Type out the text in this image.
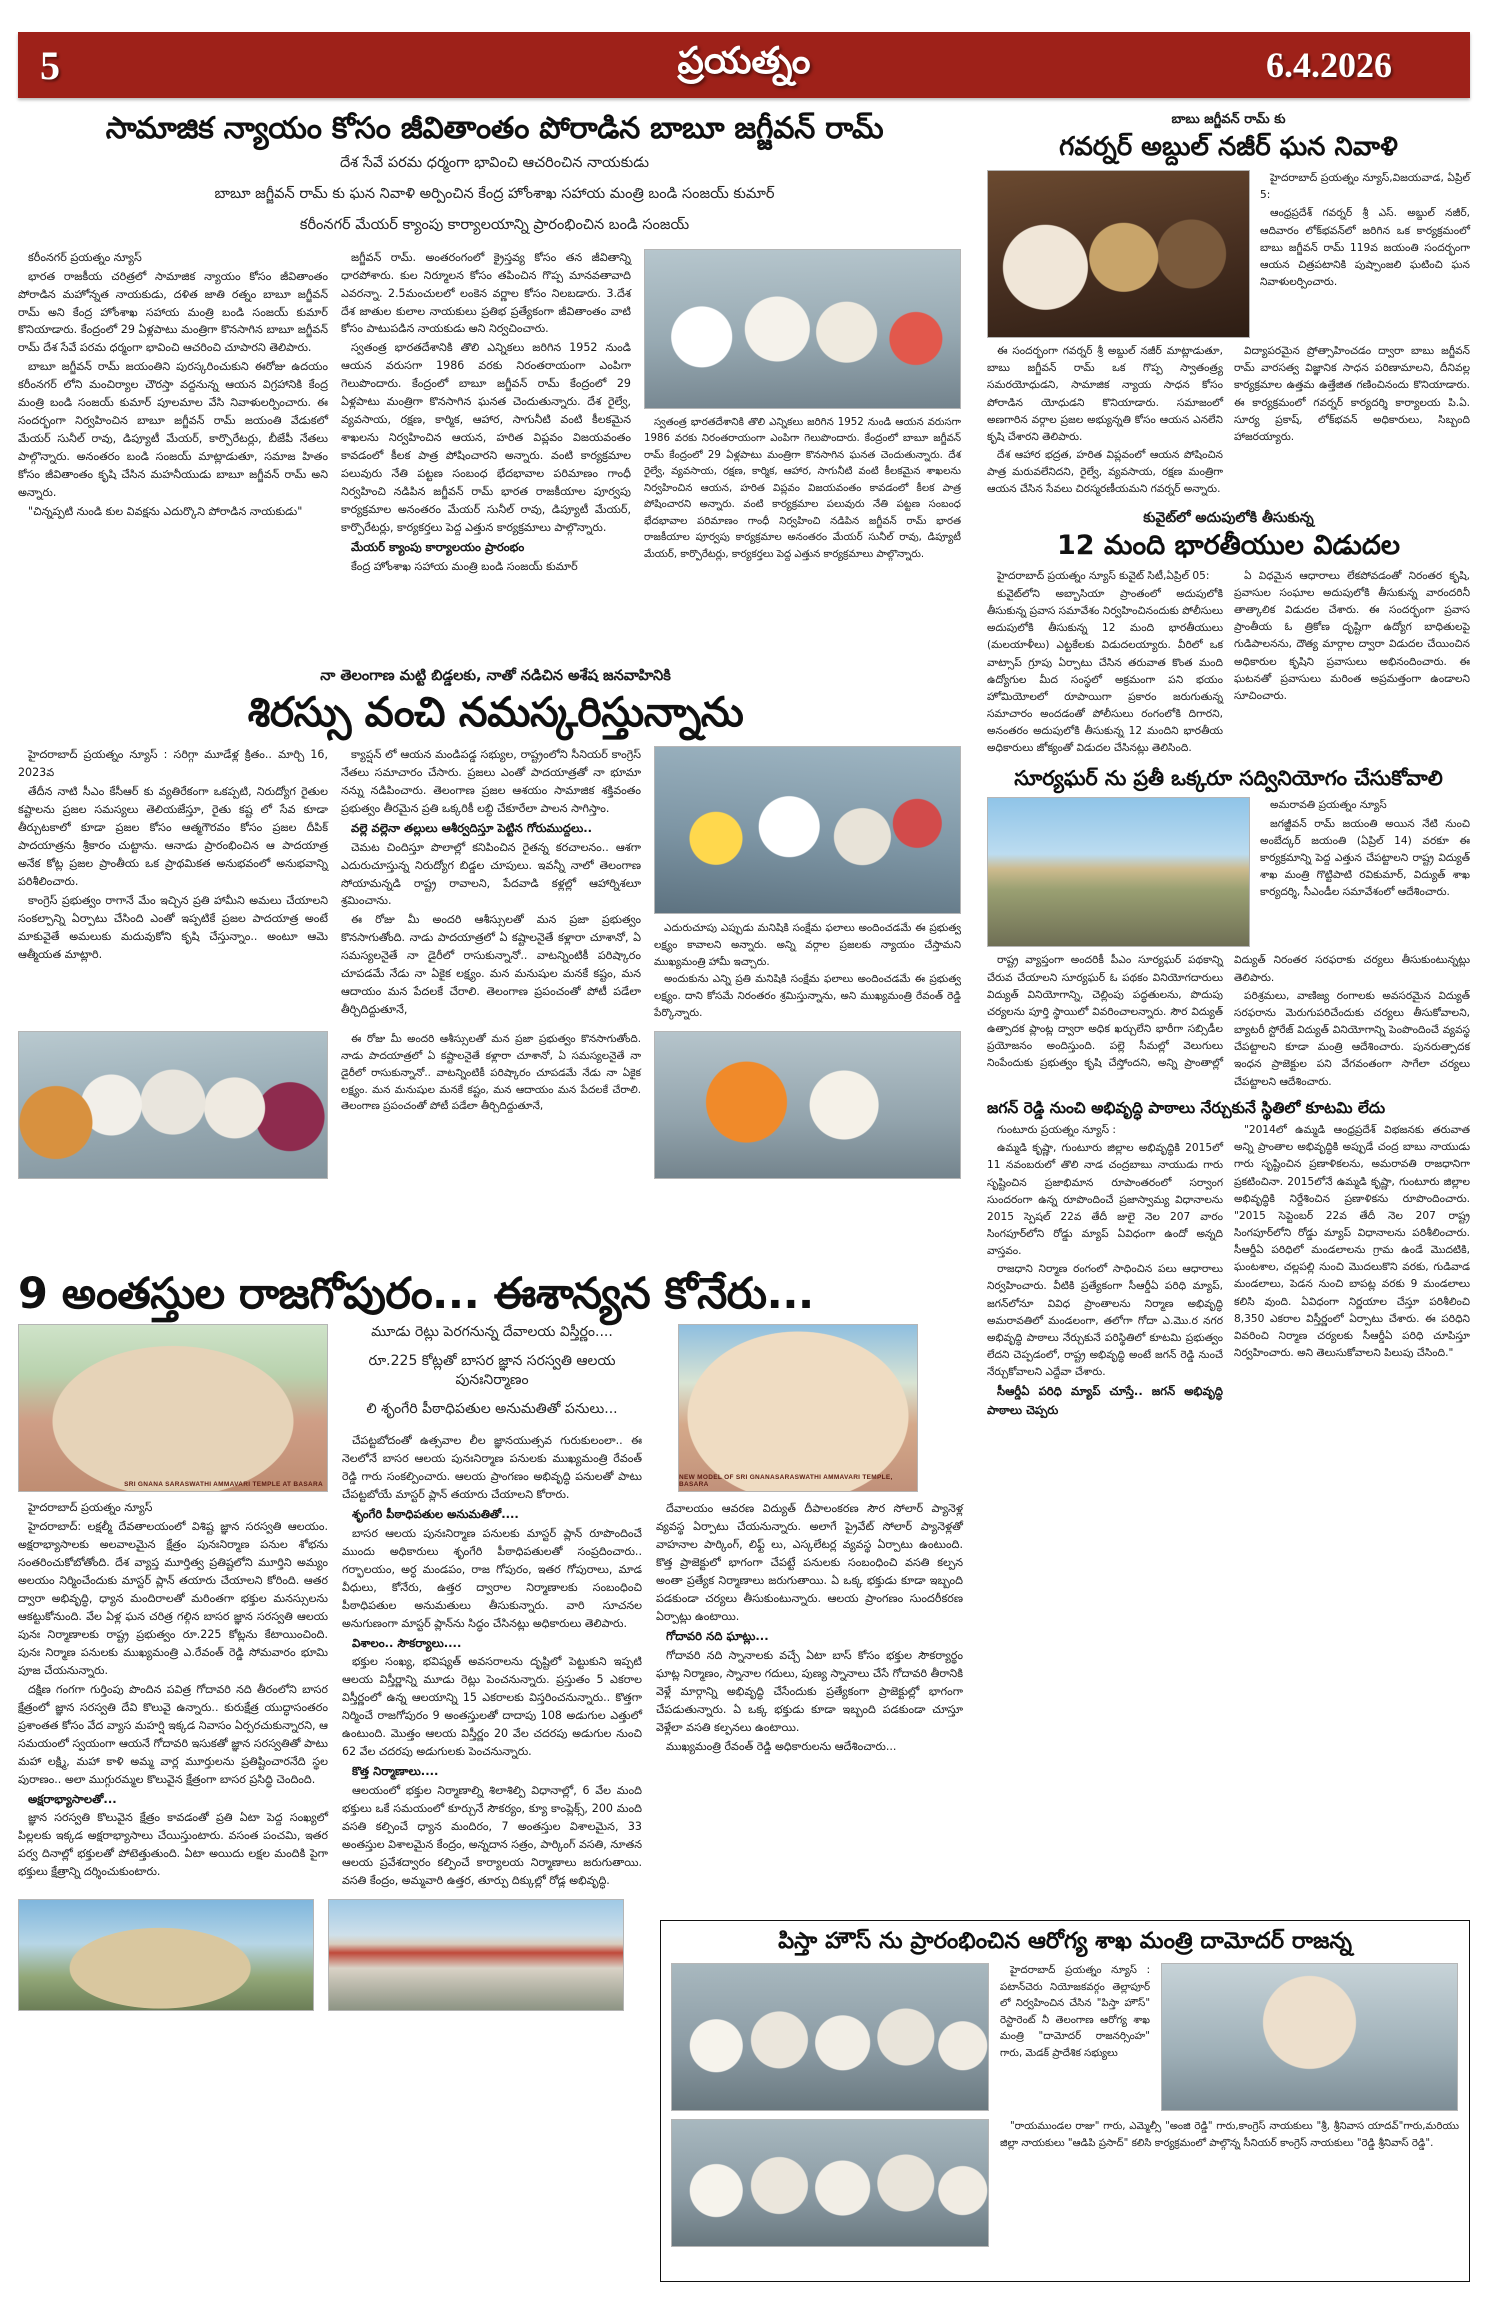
5	ప్రయత్నం	6.4.2026
సామాజిక న్యాయం కోసం జీవితాంతం పోరాడిన బాబూ జగ్జీవన్ రామ్
దేశ సేవే పరమ ధర్మంగా భావించి ఆచరించిన నాయకుడు
బాబూ జగ్జీవన్ రామ్ కు ఘన నివాళి అర్పించిన కేంద్ర హోంశాఖ సహాయ మంత్రి బండి సంజయ్ కుమార్
కరీంనగర్ మేయర్ క్యాంపు కార్యాలయాన్ని ప్రారంభించిన బండి సంజయ్

కరీంనగర్ ప్రయత్నం న్యూస్

భారత రాజకీయ చరిత్రలో సామాజిక న్యాయం కోసం జీవితాంతం పోరాడిన మహోన్నత నాయకుడు, దళిత జాతి రత్నం బాబూ జగ్జీవన్ రామ్ అని కేంద్ర హోంశాఖ సహాయ మంత్రి బండి సంజయ్ కుమార్ కొనియాడారు. కేంద్రంలో 29 ఏళ్లపాటు మంత్రిగా కొనసాగిన బాబూ జగ్జీవన్ రామ్ దేశ సేవే పరమ ధర్మంగా భావించి ఆచరించి చూపారని తెలిపారు.

బాబూ జగ్జీవన్ రామ్ జయంతిని పురస్కరించుకుని ఈరోజు ఉదయం కరీంనగర్ లోని మంచిర్యాల చౌరస్తా వద్దనున్న ఆయన విగ్రహానికి కేంద్ర మంత్రి బండి సంజయ్ కుమార్ పూలమాల వేసి నివాళులర్పించారు. ఈ సందర్భంగా నిర్వహించిన బాబూ జగ్జీవన్ రామ్ జయంతి వేడుకలో మేయర్ సునీల్ రావు, డిప్యూటీ మేయర్, కార్పొరేటర్లు, బీజేపీ నేతలు పాల్గొన్నారు. అనంతరం బండి సంజయ్ మాట్లాడుతూ, సమాజ హితం కోసం జీవితాంతం కృషి చేసిన మహనీయుడు బాబూ జగ్జీవన్ రామ్ అని అన్నారు.

"చిన్నప్పటి నుండి కుల వివక్షను ఎదుర్కొని పోరాడిన నాయకుడు"

జగ్జీవన్ రామ్. అంతరంగంలో క్రైస్తవ్య కోసం తన జీవితాన్ని ధారపోశారు. కుల నిర్మూలన కోసం తపించిన గొప్ప మానవతావాది ఎవరన్నా. 2.5మంచులలో లంకెన వర్ణాల కోసం నిలబడారు. 3.దేశ దేశ జాతుల కులాల నాయకులు ప్రతిభ ప్రత్యేకంగా జీవితాంతం వాటి కోసం పాటుపడిన నాయకుడు అని నిర్వచించారు.

స్వతంత్ర భారతదేశానికి తొలి ఎన్నికలు జరిగిన 1952 నుండి ఆయన వరుసగా 1986 వరకు నిరంతరాయంగా ఎంపిగా గెలుపొందారు. కేంద్రంలో బాబూ జగ్జీవన్ రామ్ కేంద్రంలో 29 ఏళ్లపాటు మంత్రిగా కొనసాగిన ఘనత చెందుతున్నారు. దేశ రైల్వే, వ్యవసాయ, రక్షణ, కార్మిక, ఆహార, సాగునీటి వంటి కీలకమైన శాఖలను నిర్వహించిన ఆయన, హరిత విప్లవం విజయవంతం కావడంలో కీలక పాత్ర పోషించారని అన్నారు. వంటి కార్యక్రమాల పలువురు నేతి పట్టణ సంబంధ భేదభావాల పరిమాణం గాంధీ నిర్వహించి నడిపిన జగ్జీవన్ రామ్ భారత రాజకీయాల పూర్వపు కార్యక్రమాల అనంతరం మేయర్ సునీల్ రావు, డిప్యూటీ మేయర్, కార్పొరేటర్లు, కార్యకర్తలు పెద్ద ఎత్తున కార్యక్రమాలు పాల్గొన్నారు.

మేయర్ క్యాంపు కార్యాలయం ప్రారంభం

కేంద్ర హోంశాఖ సహాయ మంత్రి బండి సంజయ్ కుమార్

స్వతంత్ర భారతదేశానికి తొలి ఎన్నికలు జరిగిన 1952 నుండి ఆయన వరుసగా 1986 వరకు నిరంతరాయంగా ఎంపిగా గెలుపొందారు. కేంద్రంలో బాబూ జగ్జీవన్ రామ్ కేంద్రంలో 29 ఏళ్లపాటు మంత్రిగా కొనసాగిన ఘనత చెందుతున్నారు. దేశ రైల్వే, వ్యవసాయ, రక్షణ, కార్మిక, ఆహార, సాగునీటి వంటి కీలకమైన శాఖలను నిర్వహించిన ఆయన, హరిత విప్లవం విజయవంతం కావడంలో కీలక పాత్ర పోషించారని అన్నారు. వంటి కార్యక్రమాల పలువురు నేతి పట్టణ సంబంధ భేదభావాల పరిమాణం గాంధీ నిర్వహించి నడిపిన జగ్జీవన్ రామ్ భారత రాజకీయాల పూర్వపు కార్యక్రమాల అనంతరం మేయర్ సునీల్ రావు, డిప్యూటీ మేయర్, కార్పొరేటర్లు, కార్యకర్తలు పెద్ద ఎత్తున కార్యక్రమాలు పాల్గొన్నారు.

బాబు జగ్జీవన్ రామ్ కు
గవర్నర్ అబ్దుల్ నజీర్ ఘన నివాళి

హైదరాబాద్ ప్రయత్నం న్యూస్,విజయవాడ, ఏప్రిల్ 5:

ఆంధ్రప్రదేశ్ గవర్నర్ శ్రీ ఎస్. అబ్దుల్ నజీర్, ఆదివారం లోక్‌భవన్‌లో జరిగిన ఒక కార్యక్రమంలో బాబు జగ్జీవన్ రామ్ 119వ జయంతి సందర్భంగా ఆయన చిత్రపటానికి పుష్పాంజలి ఘటించి ఘన నివాళులర్పించారు.

ఈ సందర్భంగా గవర్నర్ శ్రీ అబ్దుల్ నజీర్ మాట్లాడుతూ, బాబు జగ్జీవన్ రామ్ ఒక గొప్ప స్వాతంత్ర్య సమరయోధుడని, సామాజిక న్యాయ సాధన కోసం పోరాడిన యోధుడని కొనియాడారు. సమాజంలో అణగారిన వర్గాల ప్రజల అభ్యున్నతి కోసం ఆయన ఎనలేని కృషి చేశారని తెలిపారు.

దేశ ఆహార భద్రత, హరిత విప్లవంలో ఆయన పోషించిన పాత్ర మరువలేనిదని, రైల్వే, వ్యవసాయ, రక్షణ మంత్రిగా ఆయన చేసిన సేవలు చిరస్మరణీయమని గవర్నర్ అన్నారు.

విద్యాపరమైన ప్రోత్సాహించడం ద్వారా బాబు జగ్జీవన్ రామ్ వారసత్వ విజ్ఞానిక సాధన పరిణామాలని, దీనివల్ల కార్యక్రమాల ఉత్తమ ఉత్తేజిత గణించినందు కొనియాడారు. ఈ కార్యక్రమంలో గవర్నర్ కార్యదర్శి కార్యాలయ పి.ఏ. సూర్య ప్రకాష్, లోక్‌భవన్ అధికారులు, సిబ్బంది హాజరయ్యారు.

కువైట్‌లో అదుపులోకి తీసుకున్న
12 మంది భారతీయుల విడుదల

హైదరాబాద్ ప్రయత్నం న్యూస్ కువైట్ సిటీ,ఏప్రిల్ 05:

కువైట్‌లోని అబ్బాసియా ప్రాంతంలో అదుపులోకి తీసుకున్న ప్రవాస సమావేశం నిర్వహించినందుకు పోలీసులు అదుపులోకి తీసుకున్న 12 మంది భారతీయులు (మలయాళీలు) ఎట్టకేలకు విడుదలయ్యారు. వీరిలో ఒక వాట్సాప్ గ్రూపు ఏర్పాటు చేసిన తరువాత కొంత మంది ఉద్యోగుల మీద సంస్థలో అక్రమంగా పని భయం హోమియోలలో రూపాయిగా ప్రకారం జరుగుతున్న సమాచారం అందడంతో పోలీసులు రంగంలోకి దిగారని, అనంతరం అదుపులోకి తీసుకున్న 12 మందిని భారతీయ అధికారులు జోక్యంతో విడుదల చేసినట్లు తెలిసింది.

ఏ విధమైన ఆధారాలు లేకపోవడంతో నిరంతర కృషి, ప్రవాసుల సంఘాల అదుపులోకి తీసుకున్న వారందరినీ తాత్కాలిక విడుదల చేశారు. ఈ సందర్భంగా ప్రవాస ప్రాంతీయ ఓ త్రికోణ దృష్టిగా ఉద్యోగ బాధితులపై గుడిపాలనను, దౌత్య మార్గాల ద్వారా విడుదల చేయించిన అధికారుల కృషిని ప్రవాసులు అభినందించారు. ఈ ఘటనతో ప్రవాసులు మరింత అప్రమత్తంగా ఉండాలని సూచించారు.

సూర్యఘర్ ను ప్రతీ ఒక్కరూ సద్వినియోగం చేసుకోవాలి

అమరావతి ప్రయత్నం న్యూస్

జగజ్జీవన్ రామ్ జయంతి అయిన నేటి నుంచి అంబేద్కర్ జయంతి (ఏప్రిల్ 14) వరకూ ఈ కార్యక్రమాన్ని పెద్ద ఎత్తున చేపట్టాలని రాష్ట్ర విద్యుత్ శాఖ మంత్రి గొట్టిపాటి రవికుమార్, విద్యుత్ శాఖ కార్యదర్శి, సీఎండీల సమావేశంలో ఆదేశించారు.

రాష్ట్ర వ్యాప్తంగా అందరికీ పీఎం సూర్యఘర్ పథకాన్ని చేరువ చేయాలని సూర్యఘర్ ఓ పథకం వినియోగదారులు విద్యుత్ వినియోగాన్ని, చెల్లింపు పద్ధతులను, పొదుపు చర్యలను పూర్తి స్థాయిలో వివరించాలన్నారు. సౌర విద్యుత్ ఉత్పాదక ప్లాంట్ల ద్వారా అధిక ఖర్చులేని భారీగా సబ్సిడీల ప్రయోజనం అందిస్తుంది. పల్లె సీమల్లో వెలుగులు నింపేందుకు ప్రభుత్వం కృషి చేస్తోందని, అన్ని ప్రాంతాల్లో విద్యుత్ నిరంతర సరఫరాకు చర్యలు తీసుకుంటున్నట్లు తెలిపారు.

పరిశ్రమలు, వాణిజ్య రంగాలకు అవసరమైన విద్యుత్ సరఫరాను మెరుగుపరిచేందుకు చర్యలు తీసుకోవాలని, బ్యాటరీ స్టోరేజ్ విద్యుత్ వినియోగాన్ని పెంపొందించే వ్యవస్థ చేపట్టాలని కూడా మంత్రి ఆదేశించారు. పునరుత్పాదక ఇంధన ప్రాజెక్టుల పని వేగవంతంగా సాగేలా చర్యలు చేపట్టాలని ఆదేశించారు.

జగన్ రెడ్డి నుంచి అభివృద్ధి పాఠాలు నేర్చుకునే స్థితిలో కూటమి లేదు

గుంటూరు ప్రయత్నం న్యూస్ :

ఉమ్మడి కృష్ణా, గుంటూరు జిల్లాల అభివృద్ధికి 2015లో 11 నవంబరులో తొలి నాడ చంద్రబాబు నాయుడు గారు సృష్టించిన ప్రజాభిమాన రూపాంతరంలో సర్వాంగ సుందరంగా ఉన్న రూపొందించే ప్రజాస్వామ్య విధానాలను 2015 స్పెషల్ 22వ తేదీ జులై నెల 207 వారం సింగపూర్‌లోని రోడ్డు మ్యాప్ ఏవిధంగా ఉందో అన్నది వాస్తవం.

రాజధాని నిర్మాణ రంగంలో సాధించిన పలు ఆధారాలు నిర్వహించారు. వీటికి ప్రత్యేకంగా సీఆర్డీఏ పరిధి మ్యాప్, జగన్‌లోనూ వివిధ ప్రాంతాలను నిర్మాణ అభివృద్ధి అమరావతిలో మండలంగా, తలోగా గోదా ఎ.మొ.ర నగర అభివృద్ధి పాఠాలు నేర్చుకునే పరిస్థితిలో కూటమి ప్రభుత్వం లేదని చెప్పడంలో, రాష్ట్ర అభివృద్ధి అంటే జగన్ రెడ్డి నుంచే నేర్చుకోవాలని ఎద్దేవా చేశారు.

సీఆర్డీఏ పరిధి మ్యాప్ చూస్తే.. జగన్ అభివృద్ధి పాఠాలు చెప్పరు

"2014లో ఉమ్మడి ఆంధ్రప్రదేశ్ విభజనకు తరువాత అన్ని ప్రాంతాల అభివృద్ధికి అప్పుడే చంద్ర బాబు నాయుడు గారు సృష్టించిన ప్రణాళికలను, అమరావతి రాజధానిగా ప్రకటించినా. 2015లోనే ఉమ్మడి కృష్ణా, గుంటూరు జిల్లాల అభివృద్ధికి నిర్దేశించిన ప్రణాళికను రూపొందించారు. "2015 సెప్టెంబర్ 22వ తేదీ నెల 207 రాష్ట్ర సింగపూర్‌లోని రోడ్డు మ్యాప్ విధానాలను పరిశీలించారు. సీఆర్డీఏ పరిధిలో మండలాలను గ్రామ ఉండే మొదటికి, ఘంటశాల, చల్లపల్లి నుంచి మొదలుకొని వరకు, గుడివాడ మండలాలు, పెడన నుంచి బాపట్ల వరకు 9 మండలాలు కలిసి వుంది. ఏవిధంగా నిర్ణయాల చేస్తూ పరిశీలించి 8,350 ఎకరాల విస్తీర్ణంలో ఏర్పాటు చేశారు. ఈ పరిధిని వివరించి నిర్మాణ చర్యలకు సీఆర్డీఏ పరిధి చూపిస్తూ నిర్వహించారు. అని తెలుసుకోవాలని పిలుపు చేసింది."

నా తెలంగాణ మట్టి బిడ్డలకు, నాతో నడిచిన అశేష జనవాహినికి
శిరస్సు వంచి నమస్కరిస్తున్నాను

హైదరాబాద్ ప్రయత్నం న్యూస్ : సరిగ్గా మూడేళ్ల క్రితం.. మార్చి 16, 2023వ

తేదీన నాటి సీఎం కేసీఆర్ కు వ్యతిరేకంగా ఒకప్పటి, నిరుద్యోగ రైతుల కష్టాలను ప్రజల సమస్యలు తెలియజేస్తూ, రైతు కష్ట లో సేవ కూడా తీర్చుటకాలో కూడా ప్రజల కోసం ఆత్మగౌరవం కోసం ప్రజల దీపిక్ పాదయాత్రను శ్రీకారం చుట్టాను. ఆనాడు ప్రారంభించిన ఆ పాదయాత్ర అనేక కోట్ల ప్రజల ప్రాంతీయ ఒక ప్రాథమికత అనుభవంలో అనుభవాన్ని పరిశీలించారు.

కాంగ్రెస్ ప్రభుత్వం రాగానే మేం ఇచ్చిన ప్రతి హామీని అమలు చేయాలని సంకల్పాన్ని ఏర్పాటు చేసింది ఎంతో ఇప్పటికే ప్రజల పాదయాత్ర అంటే మాకువైతే అమలుకు మదువుకోని కృషి చేస్తున్నాం.. అంటూ ఆమె ఆత్మీయత మాట్లారి.

క్యాప్షన్ లో ఆయన మండిపడ్డ సభ్యుల, రాష్ట్రంలోని సీనియర్ కాంగ్రెస్ నేతలు సమాచారం చేసారు. ప్రజలు ఎంతో పాదయాత్రతో నా భూమా నన్ను నడిపించారు. తెలంగాణ ప్రజల ఆశయం సామాజిక శక్తివంతం ప్రభుత్వం తీరమైన ప్రతి ఒక్కరికీ లబ్ధి చేకూరేలా పాలన సాగిస్తాం.

వల్లె వల్లెనా తల్లులు ఆశీర్వదిస్తూ పెట్టిన గోరుముద్దలు..

చెమట చిందిస్తూ పొలాల్లో కనిపించిన రైతన్న కరచాలనం.. ఆశగా ఎదురుచూస్తున్న నిరుద్యోగ బిడ్డల చూపులు. ఇవన్నీ నాలో తెలంగాణ సోయామన్నడి రాష్ట్ర రావాలని, పేదవాడి కళ్లల్లో ఆహార్నిశలూ శ్రమించాను.

ఈ రోజు మీ అందరి ఆశీస్సులతో మన ప్రజా ప్రభుత్వం కొనసాగుతోంది. నాడు పాదయాత్రలో ఏ కష్టాలనైతే కళ్లారా చూశానో, ఏ సమస్యలనైతే నా డైరీలో రాసుకున్నానో.. వాటన్నింటికీ పరిష్కారం చూపడమే నేడు నా ఏకైక లక్ష్యం. మన మనుషుల మనకే కష్టం, మన ఆదాయం మన పేదలకే చేరాలి. తెలంగాణ ప్రపంచంతో పోటీ పడేలా తీర్చిదిద్దుతూనే,

ఎదురుచూపు ఎప్పుడు మనిషికి సంక్షేమ ఫలాలు అందించడమే ఈ ప్రభుత్వ లక్ష్యం కావాలని అన్నారు. అన్ని వర్గాల ప్రజలకు న్యాయం చేస్తామని ముఖ్యమంత్రి హామీ ఇచ్చారు.

అందుకును ఎన్ని ప్రతి మనిషికి సంక్షేమ ఫలాలు అందించడమే ఈ ప్రభుత్వ లక్ష్యం. దాని కోసమే నిరంతరం శ్రమిస్తున్నాను, అని ముఖ్యమంత్రి రేవంత్ రెడ్డి పేర్కొన్నారు.

ఈ రోజు మీ అందరి ఆశీస్సులతో మన ప్రజా ప్రభుత్వం కొనసాగుతోంది. నాడు పాదయాత్రలో ఏ కష్టాలనైతే కళ్లారా చూశానో, ఏ సమస్యలనైతే నా డైరీలో రాసుకున్నానో.. వాటన్నింటికీ పరిష్కారం చూపడమే నేడు నా ఏకైక లక్ష్యం. మన మనుషుల మనకే కష్టం, మన ఆదాయం మన పేదలకే చేరాలి. తెలంగాణ ప్రపంచంతో పోటీ పడేలా తీర్చిదిద్దుతూనే,

9 అంతస్తుల రాజగోపురం... ఈశాన్యన కోనేరు...
SRI GNANA SARASWATHI AMMAVARI TEMPLE AT BASARA

హైదరాబాద్ ప్రయత్నం న్యూస్

హైదరాబాద్: లక్షల్మీ దేవతాలయంలో విశిష్ట జ్ఞాన సరస్వతి ఆలయం. అక్షరాభ్యాసాలకు అలవాలమైన క్షేత్రం పునఃనిర్మాణ పనుల శోభను సంతరించుకోబోతోంది. దేశ వ్యాప్త మూర్తిత్వ ప్రతిష్టలోని మూర్తిని అమ్యం అలయం నిర్మించేందుకు మాస్టర్ ప్లాన్ తయారు చేయాలని కోరింది. ఆతర ద్వారా అభివృద్ధి, ధ్యాన మందిరాలతో మరింతగా భక్తుల మనస్సులను ఆకట్టుకోనుంది. వేల ఏళ్ల ఘన చరిత్ర గల్గిన బాసర జ్ఞాన సరస్వతి ఆలయ పునః నిర్మాణాలకు రాష్ట్ర ప్రభుత్వం రూ.225 కోట్లను కేటాయించింది. పునః నిర్మాణ పనులకు ముఖ్యమంత్రి ఎ.రేవంత్ రెడ్డి సోమవారం భూమి పూజ చేయనున్నారు.

దక్షిణ గంగగా గుర్తింపు పొందిన పవిత్ర గోదావరి నది తీరంలోని బాసర క్షేత్రంలో జ్ఞాన సరస్వతి దేవి కొలువై ఉన్నారు.. కురుక్షేత్ర యుద్ధాసంతరం ప్రశాంతత కోసం వేద వ్యాస మహర్షి ఇక్కడ నివాసం ఏర్పరచుకున్నారని, ఆ సమయంలో స్వయంగా ఆయనే గోదావరి ఇసుకతో జ్ఞాన సరస్వతితో పాటు మహా లక్ష్మి, మహా కాళి అమ్మ వార్ల మూర్తులను ప్రతిష్టించారనేది స్థల పురాణం.. అలా ముగ్గురమ్మల కొలువైన క్షేత్రంగా బాసర ప్రసిద్ధి చెందింది.

అక్షరాభ్యాసాలతో...

జ్ఞాన సరస్వతి కొలువైన క్షేత్రం కావడంతో ప్రతి ఏటా పెద్ద సంఖ్యలో పిల్లలకు ఇక్కడ అక్షరాభ్యాసాలు చేయిస్తుంటారు. వసంత పంచమి, ఇతర పర్వ దినాల్లో భక్తులతో పోటెత్తుతుంది. ఏటా అయిదు లక్షల మందికి పైగా భక్తులు క్షేత్రాన్ని దర్శించుకుంటారు.

మూడు రెట్లు పెరగనున్న దేవాలయ విస్తీర్ణం....
రూ.225 కోట్లతో బాసర జ్ఞాన సరస్వతి ఆలయ పునఃనిర్మాణం
లి శృంగేరి పీఠాధిపతుల అనుమతితో పనులు...

చేపట్టబోదంతో ఉత్సవాల లీల జ్ఞానయుత్సవ గురుకులంలా.. ఈ నెలలోనే బాసర ఆలయ పునఃనిర్మాణ పనులకు ముఖ్యమంత్రి రేవంత్ రెడ్డి గారు సంకల్పించారు. ఆలయ ప్రాంగణం అభివృద్ధి పనులతో పాటు చేపట్టబోయే మాస్టర్ ప్లాన్ తయారు చేయాలని కోరారు.

శృంగేరి పీఠాధిపతుల అనుమతితో....

బాసర ఆలయ పునఃనిర్మాణ పనులకు మాస్టర్ ప్లాన్ రూపొందించే ముందు అధికారులు శృంగేరి పీఠాధిపతులతో సంప్రదించారు.. గర్భాలయం, అర్ధ మండపం, రాజ గోపురం, ఇతర గోపురాలు, మాడ వీధులు, కోనేరు, ఉత్తర ద్వారాల నిర్మాణాలకు సంబంధించి పీఠాధిపతుల అనుమతులు తీసుకున్నారు. వారి సూచనల అనుగుణంగా మాస్టర్ ప్లాన్‌ను సిద్ధం చేసినట్లు అధికారులు తెలిపారు.

విశాలం.. సౌకర్యాలు....

భక్తుల సంఖ్య, భవిష్యత్ అవసరాలను దృష్టిలో పెట్టుకుని ఇప్పటి ఆలయ విస్తీర్ణాన్ని మూడు రెట్లు పెంచనున్నారు. ప్రస్తుతం 5 ఎకరాల విస్తీర్ణంలో ఉన్న ఆలయాన్ని 15 ఎకరాలకు విస్తరించనున్నారు.. కొత్తగా నిర్మించే రాజగోపురం 9 అంతస్తులతో దాదాపు 108 అడుగుల ఎత్తులో ఉంటుంది. మొత్తం ఆలయ విస్తీర్ణం 20 వేల చదరపు అడుగుల నుంచి 62 వేల చదరపు అడుగులకు పెంచనున్నారు.

కొత్త నిర్మాణాలు....

ఆలయంలో భక్తుల నిర్మాణాల్ని శిలాశిల్పి విధానాల్లో, 6 వేల మంది భక్తులు ఒకే సమయంలో కూర్చునే సౌకర్యం, క్యూ కాంప్లెక్స్, 200 మంది వసతి కల్పించే ధ్యాన మందిరం, 7 అంతస్తుల విశాలమైన, 33 అంతస్తుల విశాలమైన కేంద్రం, అన్నదాన సత్రం, పార్కింగ్ వసతి, నూతన ఆలయ ప్రవేశద్వారం కల్పించే కార్యాలయ నిర్మాణాలు జరుగుతాయి. వసతి కేంద్రం, అమ్మవారి ఉత్తర, తూర్పు దిక్కుల్లో రోడ్ల అభివృద్ధి.

NEW MODEL OF SRI GNANASARASWATHI AMMAVARI TEMPLE, BASARA

దేవాలయం ఆవరణ విద్యుత్ దీపాలంకరణ సౌర సోలార్ ప్యానెళ్ల వ్యవస్థ ఏర్పాటు చేయనున్నారు. అలాగే ప్రైవేట్ సోలార్ ప్యానెళ్లతో వాహనాల పార్కింగ్, లిఫ్ట్ లు, ఎస్కలేటర్ల వ్యవస్థ ఏర్పాటు ఉంటుంది. కొత్త ప్రాజెక్టులో భాగంగా చేపట్టే పనులకు సంబంధించి వసతి కల్పన అంతా ప్రత్యేక నిర్మాణాలు జరుగుతాయి. ఏ ఒక్క భక్తుడు కూడా ఇబ్బంది పడకుండా చర్యలు తీసుకుంటున్నారు. ఆలయ ప్రాంగణం సుందరీకరణ ఏర్పాట్లు ఉంటాయి.

గోదావరి నది ఘాట్లు...

గోదావరి నది స్నానాలకు వచ్చే ఏటా బాస్ కోసం భక్తుల సౌకర్యార్థం ఘాట్ల నిర్మాణం, స్నానాల గదులు, పుణ్య స్నానాలు చేసే గోదావరి తీరానికి వెళ్లే మార్గాన్ని అభివృద్ధి చేసేందుకు ప్రత్యేకంగా ప్రాజెక్టుల్లో భాగంగా చేపడుతున్నారు. ఏ ఒక్క భక్తుడు కూడా ఇబ్బంది పడకుండా చూస్తూ వెళ్లేలా వసతి కల్పనలు ఉంటాయి.

ముఖ్యమంత్రి రేవంత్ రెడ్డి అధికారులను ఆదేశించారు...

పిస్తా హౌస్ ను ప్రారంభించిన ఆరోగ్య శాఖ మంత్రి దామోదర్ రాజన్న

హైదరాబాద్ ప్రయత్నం న్యూస్ : పటాన్‌చెరు నియోజకవర్గం తెల్లాపూర్ లో నిర్వహించిన చేసిన "పిస్తా హౌస్" రెస్టారెంట్ నీ తెలంగాణ ఆరోగ్య శాఖ మంత్రి "దామోదర్ రాజనర్సింహ" గారు, మెడక్ ప్రాదేశిక సభ్యులు

"రాయముండల రాజు" గారు, ఎమ్మెల్సీ "అంజి రెడ్డి" గారు,కాంగ్రెస్ నాయకులు "శ్రీ, శ్రీనివాస యాదవ్"గారు,మరియు జిల్లా నాయకులు "ఆడిపి ప్రసాద్" కలిసి కార్యక్రమంలో పాల్గొన్న సీనియర్ కాంగ్రెస్ నాయకులు "రెడ్డి శ్రీనివాస్ రెడ్డి".
